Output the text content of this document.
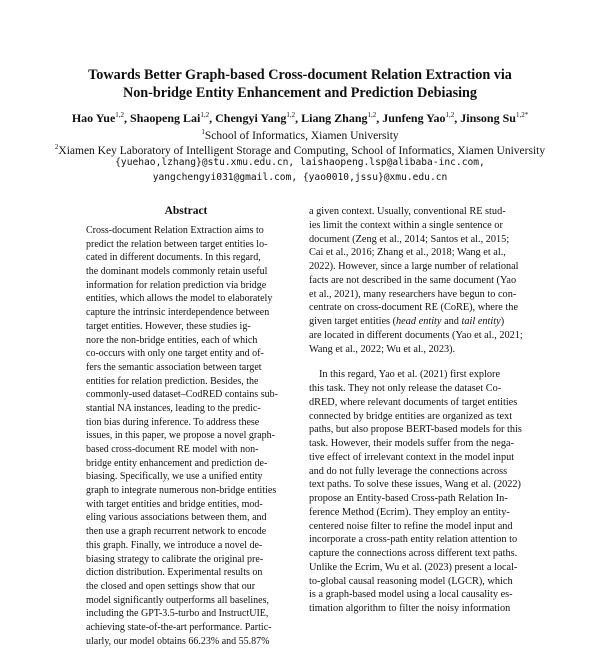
Towards Better Graph-based Cross-document Relation Extraction via
Non-bridge Entity Enhancement and Prediction Debiasing
Hao Yue$^{1,2}$, Shaopeng Lai$^{1,2}$, Chengyi Yang$^{1,2}$, Liang Zhang$^{1,2}$, Junfeng Yao$^{1,2}$, Jinsong $Su^{1,2*}$
$^1$School of Informatics, Xiamen University
$^2$Xiamen Key Laboratory of Intelligent Storage and Computing, School of Informatics, Xiamen University
{yuehao,lzhang}@stu.xmu.edu.cn, laishaopeng.lsp@alibaba-inc.com,
yangchengyi031@gmail.com, {yao0010,jssu}@xmu.edu.cn
Abstract
Cross-document Relation Extraction aims to
predict the relation between target entities lo-
cated in different documents. In this regard,
the dominant models commonly retain useful
information for relation prediction via bridge
entities, which allows the model to elaborately
capture the intrinsic interdependence between
target entities. However, these studies ig-
nore the non-bridge entities, each of which
co-occurs with only one target entity and of-
fers the semantic association between target
entities for relation prediction. Besides, the
commonly-used dataset–CodRED contains sub-
stantial NA instances, leading to the predic-
tion bias during inference. To address these
issues, in this paper, we propose a novel graph-
based cross-document RE model with non-
bridge entity enhancement and prediction de-
biasing. Specifically, we use a unified entity
graph to integrate numerous non-bridge entities
with target entities and bridge entities, mod-
eling various associations between them, and
then use a graph recurrent network to encode
this graph. Finally, we introduce a novel de-
biasing strategy to calibrate the original pre-
diction distribution. Experimental results on
the closed and open settings show that our
model significantly outperforms all baselines,
including the GPT-3.5-turbo and InstructUIE,
achieving state-of-the-art performance. Partic-
ularly, our model obtains 66.23% and 55.87%
a given context. Usually, conventional RE stud-
ies limit the context within a single sentence or
document (Zeng et al., 2014; Santos et al., 2015;
Cai et al., 2016; Zhang et al., 2018; Wang et al.,
2022). However, since a large number of relational
facts are not described in the same document (Yao
et al., 2021), many researchers have begun to con-
centrate on cross-document RE (CoRE), where the
given target entities (head entity and tail entity)
are located in different documents (Yao et al., 2021;
Wang et al., 2022; Wu et al., 2023).
In this regard, Yao et al. (2021) first explore
this task. They not only release the dataset Co-
dRED, where relevant documents of target entities
connected by bridge entities are organized as text
paths, but also propose BERT-based models for this
task. However, their models suffer from the nega-
tive effect of irrelevant context in the model input
and do not fully leverage the connections across
text paths. To solve these issues, Wang et al. (2022)
propose an Entity-based Cross-path Relation In-
ference Method (Ecrim). They employ an entity-
centered noise filter to refine the model input and
incorporate a cross-path entity relation attention to
capture the connections across different text paths.
Unlike the Ecrim, Wu et al. (2023) present a local-
to-global causal reasoning model (LGCR), which
is a graph-based model using a local causality es-
timation algorithm to filter the noisy information
